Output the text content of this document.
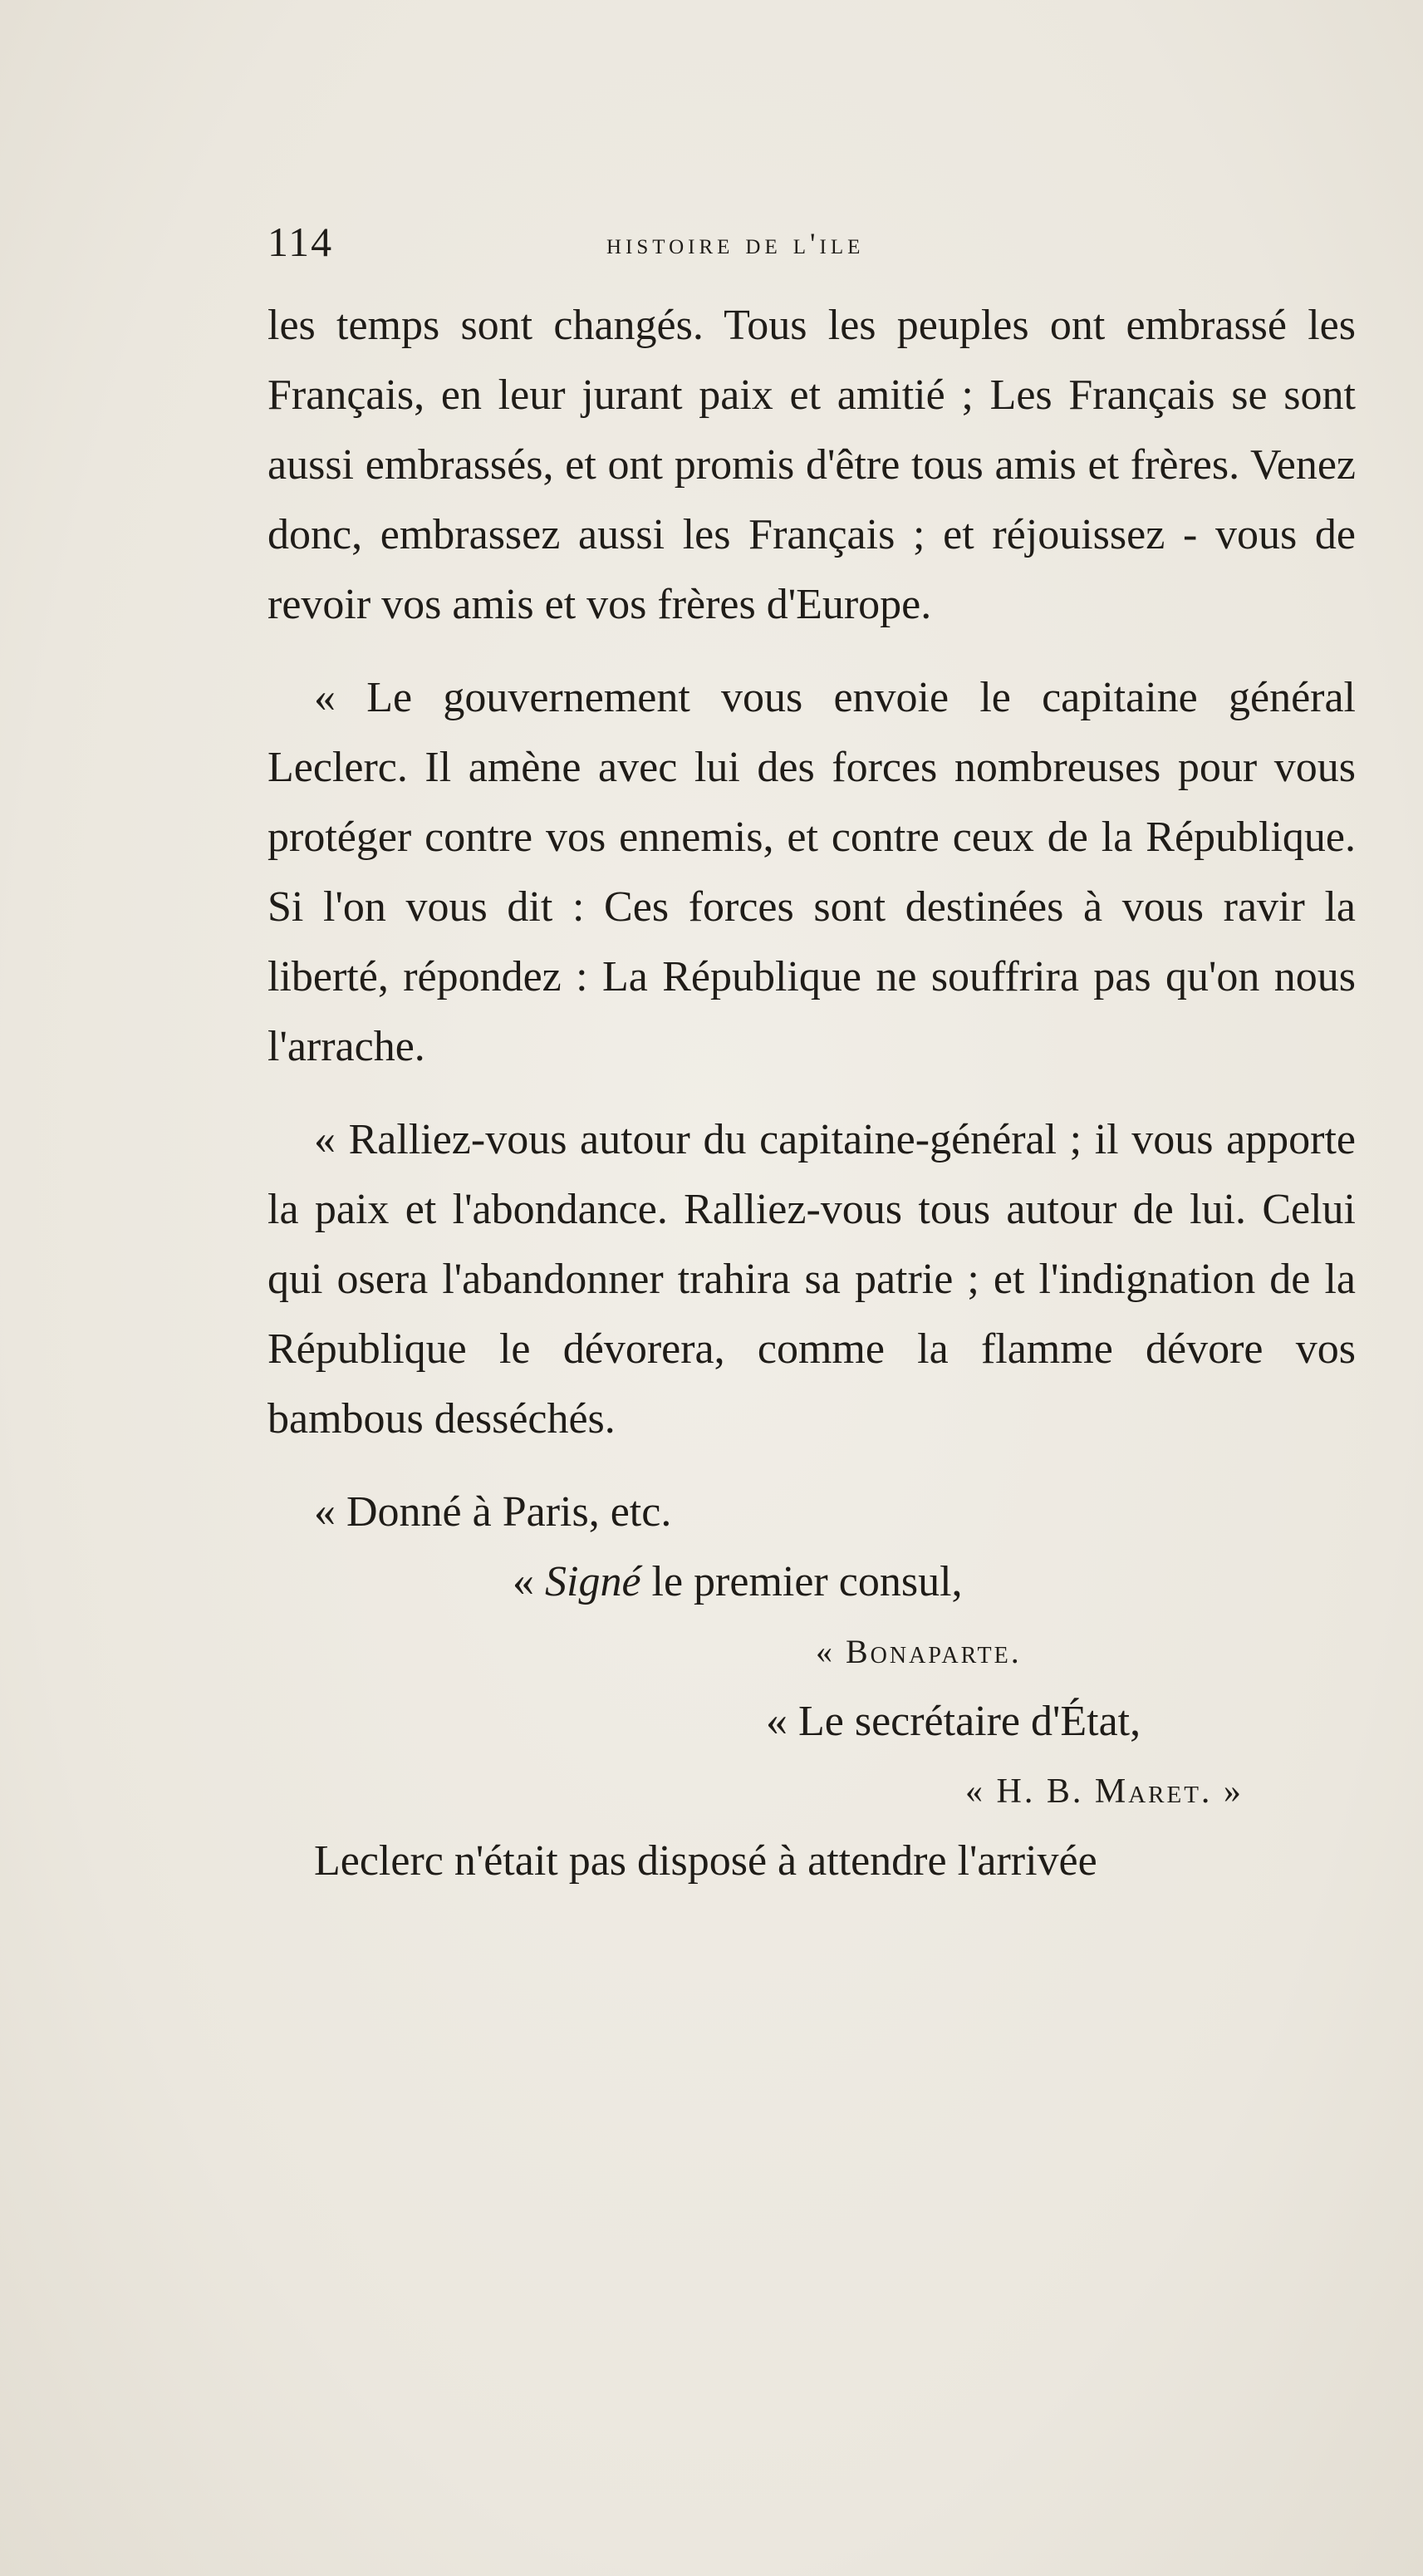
114	histoire de l'ile

les temps sont changés. Tous les peuples ont embrassé les Français, en leur jurant paix et amitié ; Les Français se sont aussi embrassés, et ont promis d'être tous amis et frères. Venez donc, embrassez aussi les Français ; et réjouissez - vous de revoir vos amis et vos frères d'Europe.

« Le gouvernement vous envoie le capitaine général Leclerc. Il amène avec lui des forces nombreuses pour vous protéger contre vos ennemis, et contre ceux de la République. Si l'on vous dit : Ces forces sont destinées à vous ravir la liberté, répondez : La République ne souffrira pas qu'on nous l'arrache.

« Ralliez-vous autour du capitaine-général ; il vous apporte la paix et l'abondance. Ralliez-vous tous autour de lui. Celui qui osera l'abandonner trahira sa patrie ; et l'indignation de la République le dévorera, comme la flamme dévore vos bambous desséchés.

« Donné à Paris, etc.

« Signé le premier consul,

« Bonaparte.

« Le secrétaire d'État,

« H. B. Maret. »

Leclerc n'était pas disposé à attendre l'arrivée
